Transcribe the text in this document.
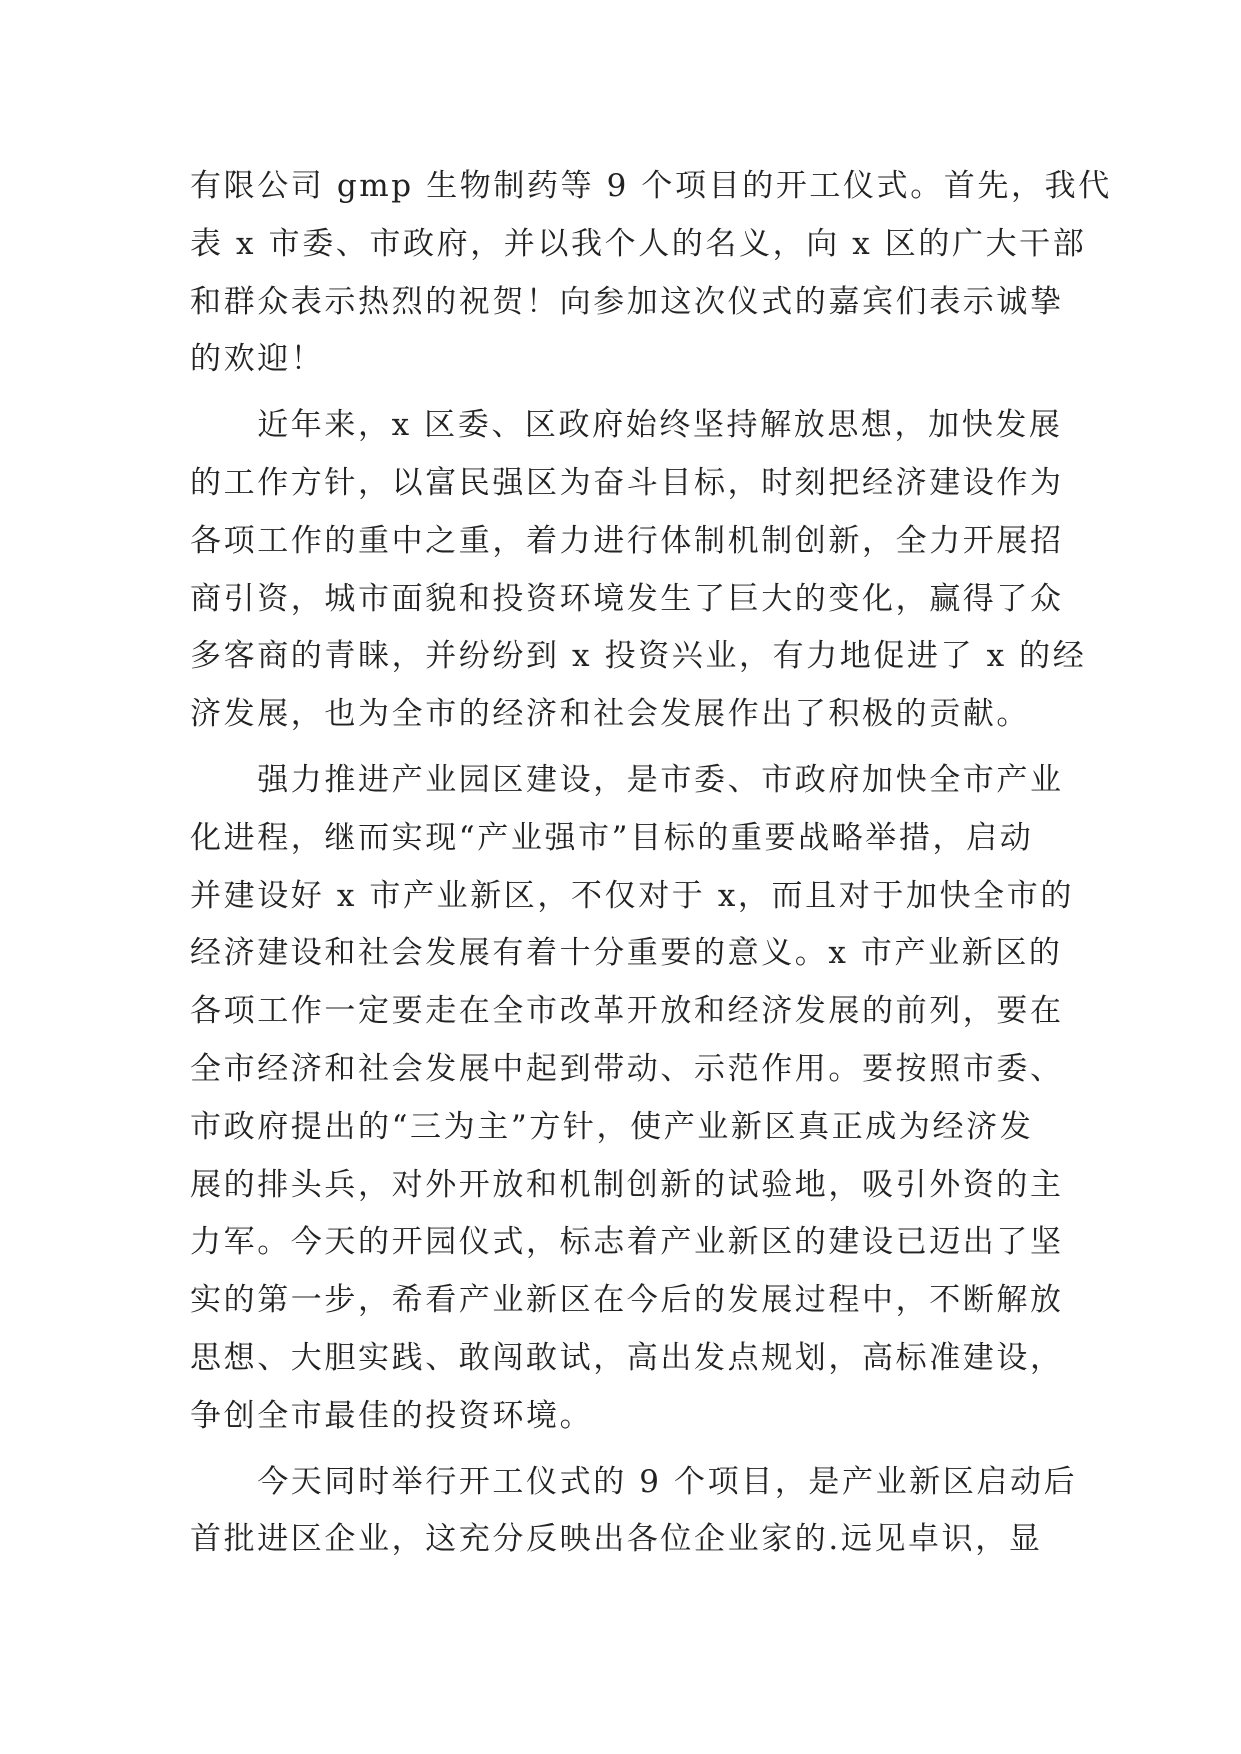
有限公司 gmp 生物制药等 9 个项目的开工仪式。首先，我代
表 x 市委、市政府，并以我个人的名义，向 x 区的广大干部
和群众表示热烈的祝贺！向参加这次仪式的嘉宾们表示诚挚
的欢迎！
　　近年来，x 区委、区政府始终坚持解放思想，加快发展
的工作方针，以富民强区为奋斗目标，时刻把经济建设作为
各项工作的重中之重，着力进行体制机制创新，全力开展招
商引资，城市面貌和投资环境发生了巨大的变化，赢得了众
多客商的青睐，并纷纷到 x 投资兴业，有力地促进了 x 的经
济发展，也为全市的经济和社会发展作出了积极的贡献。
　　强力推进产业园区建设，是市委、市政府加快全市产业
化进程，继而实现“产业强市”目标的重要战略举措，启动
并建设好 x 市产业新区，不仅对于 x，而且对于加快全市的
经济建设和社会发展有着十分重要的意义。x 市产业新区的
各项工作一定要走在全市改革开放和经济发展的前列，要在
全市经济和社会发展中起到带动、示范作用。要按照市委、
市政府提出的“三为主”方针，使产业新区真正成为经济发
展的排头兵，对外开放和机制创新的试验地，吸引外资的主
力军。今天的开园仪式，标志着产业新区的建设已迈出了坚
实的第一步，希看产业新区在今后的发展过程中，不断解放
思想、大胆实践、敢闯敢试，高出发点规划，高标准建设，
争创全市最佳的投资环境。
　　今天同时举行开工仪式的 9 个项目，是产业新区启动后
首批进区企业，这充分反映出各位企业家的.远见卓识，显
